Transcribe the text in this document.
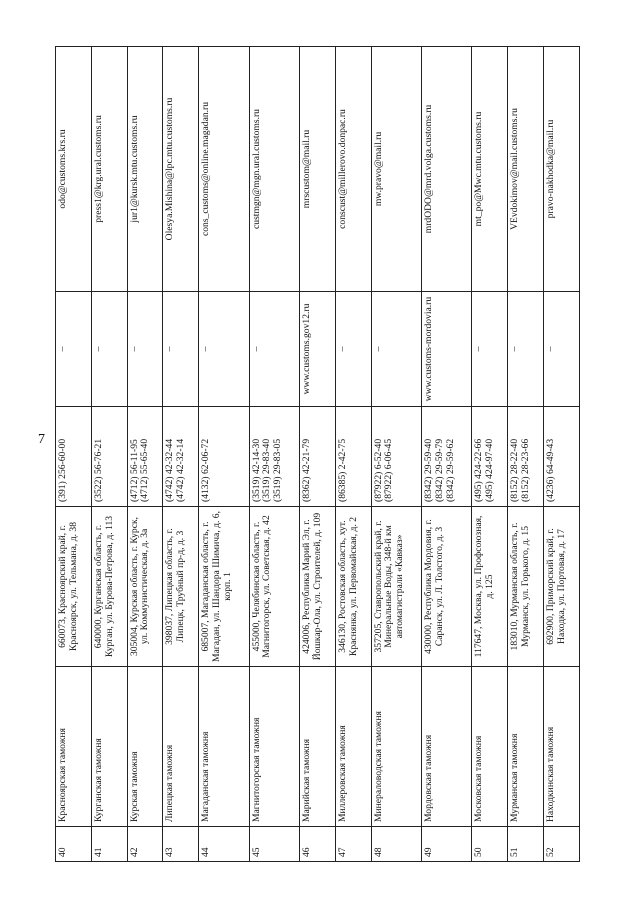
7
40	Красноярская таможня	660073, Красноярский край, г. Красноярск, ул. Тельмана, д. 38	(391) 256-60-00	–	odo@customs.krs.ru
41	Курганская таможня	640000, Курганская область, г. Курган, ул. Бурова-Петрова, д. 113	(3522) 56-76-21	–	press1@krg.ural.customs.ru
42	Курская таможня	305004, Курская область, г. Курск, ул. Коммунистическая, д. 3а	(4712) 56-11-95 (4712) 55-65-40	–	jur1@kursk.mtu.customs.ru
43	Липецкая таможня	398037, Липецкая область, г. Липецк, Трубный пр-д, д. 3	(4742) 42-32-44 (4742) 42-32-14	–	Olesya.Mishina@lpc.mtu.customs.ru
44	Магаданская таможня	685007, Магаданская область, г. Магадан, ул. Шандора Шимича, д. 6, корп. 1	(4132) 62-06-72	–	cons_customs@online.magadan.ru
45	Магнитогорская таможня	455000, Челябинская область, г. Магнитогорск, ул. Советская, д. 42	(3519) 42-14-30 (3519) 29-83-40 (3519) 29-83-05	–	custmgn@mgn.ural.customs.ru
46	Марийская таможня	424006, Республика Марий Эл, г. Йошкар-Ола, ул. Строителей, д. 109	(8362) 42-21-79	www.customs.gov12.ru	mrscustom@mail.ru
47	Миллеровская таможня	346130, Ростовская область, хут. Краснянка, ул. Первомайская, д. 2	(86385) 2-42-75	–	conscust@millerovo.donpac.ru
48	Минераловодская таможня	357205, Ставропольский край, г. Минеральные Воды, 348-й км автомагистрали «Кавказ»	(87922) 6-52-40 (87922) 6-06-45	–	mw.pravo@mail.ru
49	Мордовская таможня	430000, Республика Мордовия, г. Саранск, ул. Л. Толстого, д. 3	(8342) 29-59-40 (8342) 29-59-79 (8342) 29-59-62	www.customs-mordovia.ru	mrdODO@mrd.volga.customs.ru
50	Московская таможня	117647, Москва, ул. Профсоюзная, д. 125	(495) 424-22-66 (495) 424-97-40	–	mt_po@Mwc.mtu.customs.ru
51	Мурманская таможня	183010, Мурманская область, г. Мурманск, ул. Горького, д. 15	(8152) 28-22-40 (8152) 28-23-66	–	VEvdokimov@mail.customs.ru
52	Находкинская таможня	692900, Приморский край, г. Находка, ул. Портовая, д. 17	(4236) 64-49-43	–	pravo-nakhodka@mail.ru
